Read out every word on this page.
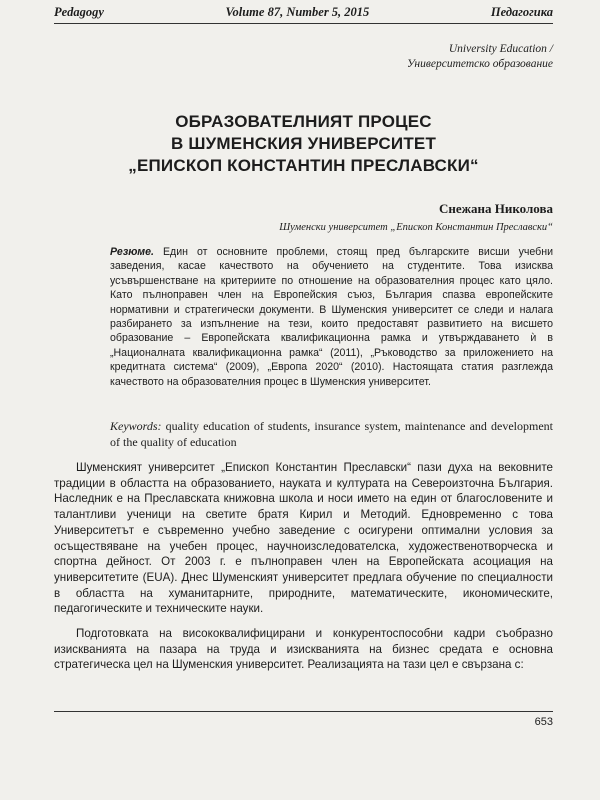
Pedagogy	Volume 87, Number 5, 2015	Педагогика
University Education /
Университетско образование
ОБРАЗОВАТЕЛНИЯТ ПРОЦЕС
В ШУМЕНСКИЯ УНИВЕРСИТЕТ
„ЕПИСКОП КОНСТАНТИН ПРЕСЛАВСКИ“
Снежана Николова
Шуменски университет „Епископ Константин Преславски“
Резюме. Един от основните проблеми, стоящ пред българските висши учебни заведения, касае качеството на обучението на студентите. Това изисква усъвършенстване на критериите по отношение на образователния процес като цяло. Като пълноправен член на Европейския съюз, България спазва европейските нормативни и стратегически документи. В Шуменския университет се следи и налага разбирането за изпълнение на тези, които предоставят развитието на висшето образование – Европейската квалификационна рамка и утвърждаването ѝ в „Националната квалификационна рамка“ (2011), „Ръководство за приложението на кредитната система“ (2009), „Европа 2020“ (2010). Настоящата статия разглежда качеството на образователния процес в Шуменския университет.
Keywords: quality education of students, insurance system, maintenance and development of the quality of education

Шуменският университет „Епископ Константин Преславски“ пази духа на вековните традиции в областта на образованието, науката и културата на Североизточна България. Наследник е на Преславската книжовна школа и носи името на един от благословените и талантливи ученици на светите братя Кирил и Методий. Едновременно с това Университетът е съвременно учебно заведение с осигурени оптимални условия за осъществяване на учебен процес, научноизследователска, художественотворческа и спортна дейност. От 2003 г. е пълноправен член на Европейската асоциация на университетите (EUA). Днес Шуменският университет предлага обучение по специалности в областта на хуманитарните, природните, математическите, икономическите, педагогическите и техническите науки.

Подготовката на висококвалифицирани и конкурентоспособни кадри съобразно изискванията на пазара на труда и изискванията на бизнес средата е основна стратегическа цел на Шуменския университет. Реализацията на тази цел е свързана с:

653
